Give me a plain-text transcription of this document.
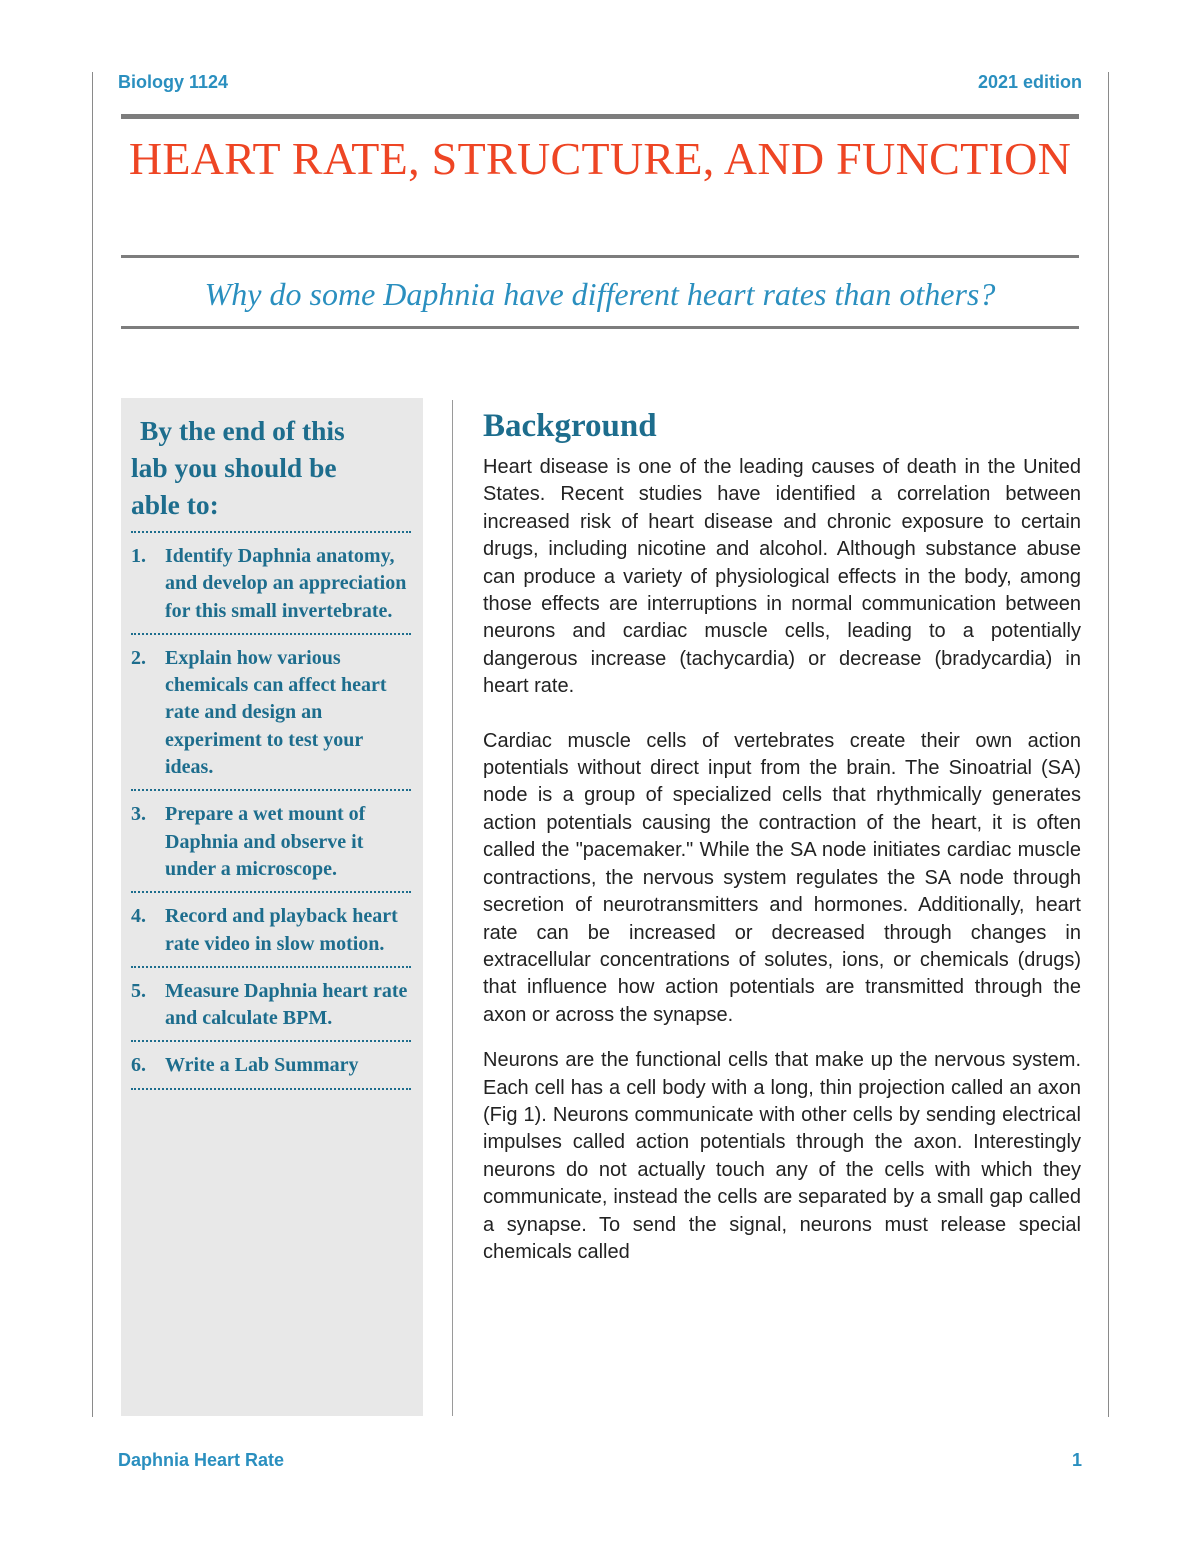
Biology 1124	2021 edition
HEART RATE, STRUCTURE, AND FUNCTION

Why do some Daphnia have different heart rates than others?

By the end of this
lab you should be
able to:
1. Identify Daphnia anatomy, and develop an appreciation for this small invertebrate.
2. Explain how various chemicals can affect heart rate and design an experiment to test your ideas.
3. Prepare a wet mount of Daphnia and observe it under a microscope.
4. Record and playback heart rate video in slow motion.
5. Measure Daphnia heart rate and calculate BPM.
6. Write a Lab Summary
Background

Heart disease is one of the leading causes of death in the United States. Recent studies have identified a correlation between increased risk of heart disease and chronic exposure to certain drugs, including nicotine and alcohol. Although substance abuse can produce a variety of physiological effects in the body, among those effects are interruptions in normal communication between neurons and cardiac muscle cells, leading to a potentially dangerous increase (tachycardia) or decrease (bradycardia) in heart rate.

Cardiac muscle cells of vertebrates create their own action potentials without direct input from the brain. The Sinoatrial (SA) node is a group of specialized cells that rhythmically generates action potentials causing the contraction of the heart, it is often called the "pacemaker." While the SA node initiates cardiac muscle contractions, the nervous system regulates the SA node through secretion of neurotransmitters and hormones. Additionally, heart rate can be increased or decreased through changes in extracellular concentrations of solutes, ions, or chemicals (drugs) that influence how action potentials are transmitted through the axon or across the synapse.

Neurons are the functional cells that make up the nervous system. Each cell has a cell body with a long, thin projection called an axon (Fig 1). Neurons communicate with other cells by sending electrical impulses called action potentials through the axon. Interestingly neurons do not actually touch any of the cells with which they communicate, instead the cells are separated by a small gap called a synapse. To send the signal, neurons must release special chemicals called

Daphnia Heart Rate	1
